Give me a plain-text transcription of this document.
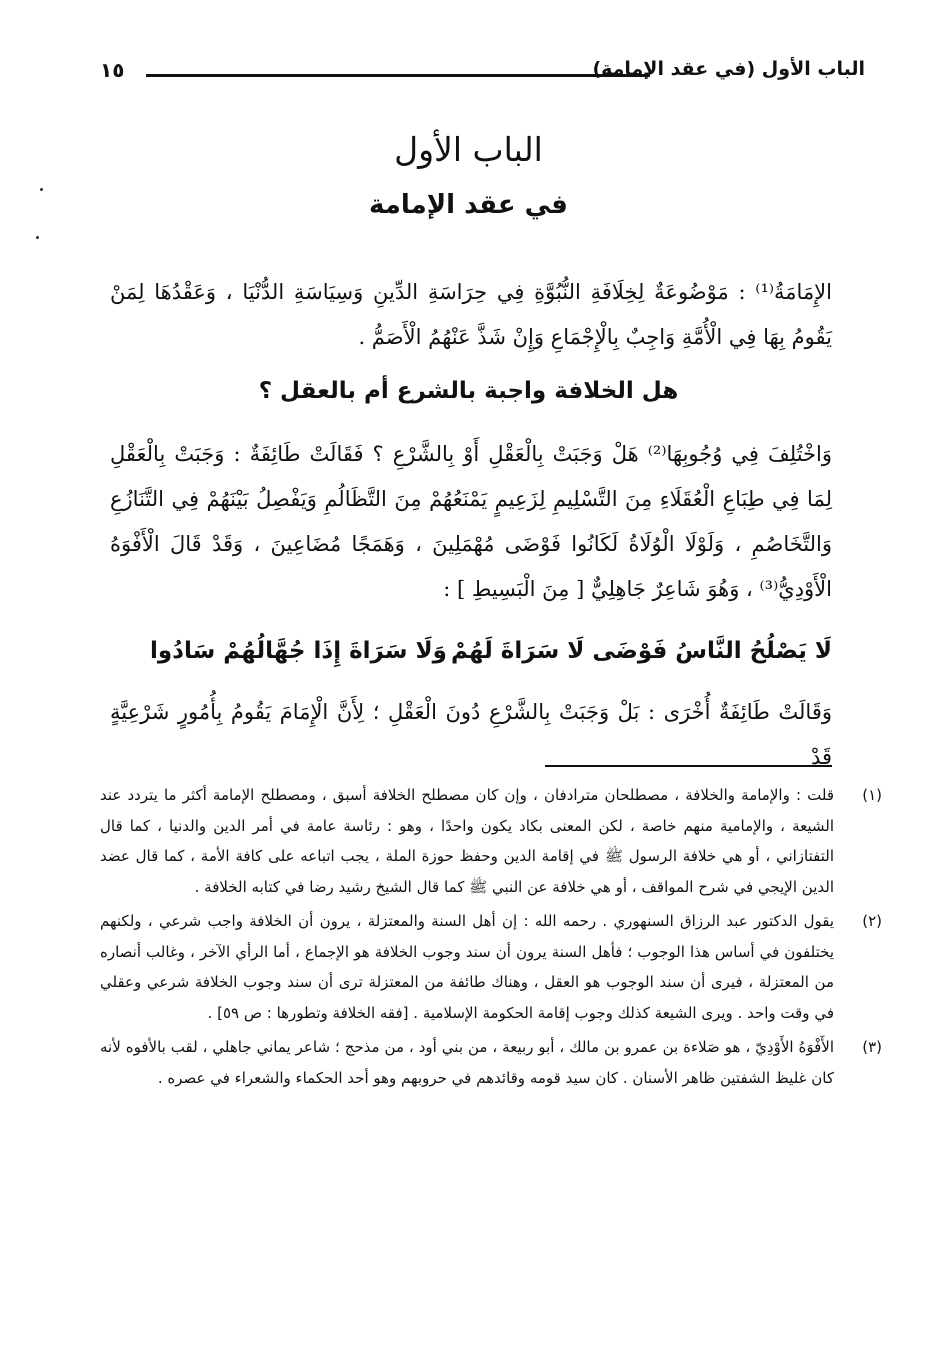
الباب الأول (في عقد الإمامة)
١٥
الباب الأول
في عقد الإمامة
الإِمَامَةُ⁽¹⁾ : مَوْضُوعَةٌ لِخِلَافَةِ النُّبُوَّةِ فِي حِرَاسَةِ الدِّينِ وَسِيَاسَةِ الدُّنْيَا ، وَعَقْدُهَا لِمَنْ يَقُومُ بِهَا فِي الْأُمَّةِ وَاجِبٌ بِالْإِجْمَاعِ وَإِنْ شَذَّ عَنْهُمُ الْأَصَمُّ .
هل الخلافة واجبة بالشرع أم بالعقل ؟
وَاخْتُلِفَ فِي وُجُوبِهَا⁽²⁾ هَلْ وَجَبَتْ بِالْعَقْلِ أَوْ بِالشَّرْعِ ؟ فَقَالَتْ طَائِفَةٌ : وَجَبَتْ بِالْعَقْلِ لِمَا فِي طِبَاعِ الْعُقَلَاءِ مِنَ التَّسْلِيمِ لِزَعِيمٍ يَمْنَعُهُمْ مِنَ التَّظَالُمِ وَيَفْصِلُ بَيْنَهُمْ فِي التَّنَازُعِ وَالتَّخَاصُمِ ، وَلَوْلَا الْوُلَاةُ لَكَانُوا فَوْضَى مُهْمَلِينَ ، وَهَمَجًا مُضَاعِينَ ، وَقَدْ قَالَ الْأَفْوَهُ الْأَوْدِيُّ⁽³⁾ ، وَهُوَ شَاعِرٌ جَاهِلِيٌّ [ مِنَ الْبَسِيطِ ] :
لَا يَصْلُحُ النَّاسُ فَوْضَى لَا سَرَاةَ لَهُمْ
وَلَا سَرَاةَ إِذَا جُهَّالُهُمْ سَادُوا
وَقَالَتْ طَائِفَةٌ أُخْرَى : بَلْ وَجَبَتْ بِالشَّرْعِ دُونَ الْعَقْلِ ؛ لِأَنَّ الْإِمَامَ يَقُومُ بِأُمُورٍ شَرْعِيَّةٍ قَدْ
(١)
قلت : والإمامة والخلافة ، مصطلحان مترادفان ، وإن كان مصطلح الخلافة أسبق ، ومصطلح الإمامة أكثر ما يتردد عند الشيعة ، والإمامية منهم خاصة ، لكن المعنى بكاد يكون واحدًا ، وهو : رئاسة عامة في أمر الدين والدنيا ، كما قال التفتازاني ، أو هي خلافة الرسول ﷺ في إقامة الدين وحفظ حوزة الملة ، يجب اتباعه على كافة الأمة ، كما قال عضد الدين الإيجي في شرح المواقف ، أو هي خلافة عن النبي ﷺ كما قال الشيخ رشيد رضا في كتابه الخلافة .
(٢)
يقول الدكتور عبد الرزاق السنهوري . رحمه الله : إن أهل السنة والمعتزلة ، يرون أن الخلافة واجب شرعي ، ولكنهم يختلفون في أساس هذا الوجوب ؛ فأهل السنة يرون أن سند وجوب الخلافة هو الإجماع ، أما الرأي الآخر ، وغالب أنصاره من المعتزلة ، فيرى أن سند الوجوب هو العقل ، وهناك طائفة من المعتزلة ترى أن سند وجوب الخلافة شرعي وعقلي في وقت واحد . ويرى الشيعة كذلك وجوب إقامة الحكومة الإسلامية . [فقه الخلافة وتطورها : ص ٥٩] .
(٣)
الأَفْوَهُ الأَوْدِيّ ، هو صَلاءة بن عمرو بن مالك ، أبو ربيعة ، من بني أود ، من مذحج ؛ شاعر يماني جاهلي ، لقب بالأفوه لأنه كان غليظ الشفتين ظاهر الأسنان . كان سيد قومه وقائدهم في حروبهم وهو أحد الحكماء والشعراء في عصره .
